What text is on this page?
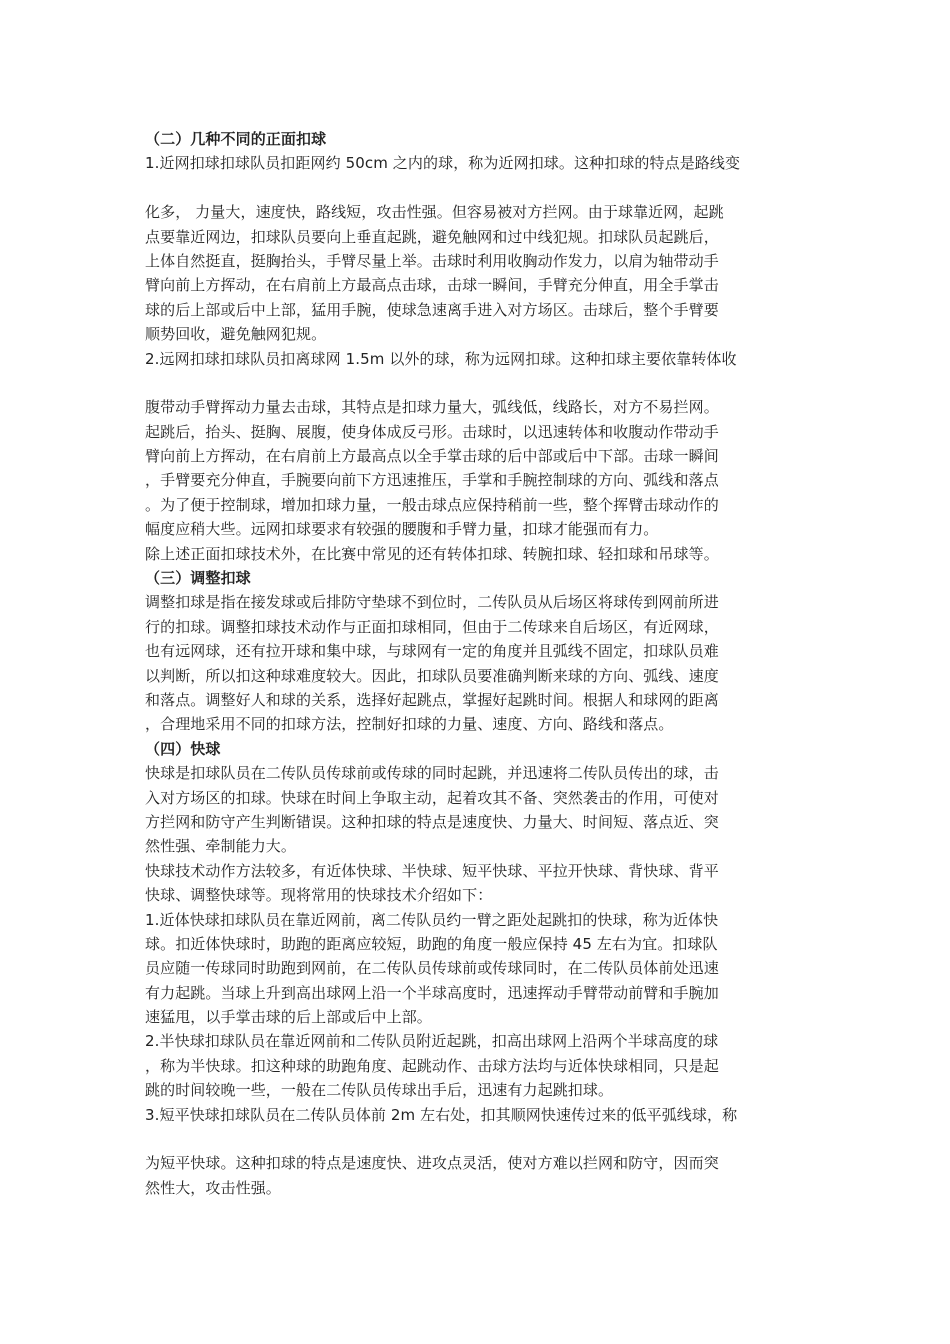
（二）几种不同的正面扣球
1.近网扣球扣球队员扣距网约 50cm 之内的球，称为近网扣球。这种扣球的特点是路线变
化多， 力量大，速度快，路线短，攻击性强。但容易被对方拦网。由于球靠近网，起跳
点要靠近网边，扣球队员要向上垂直起跳，避免触网和过中线犯规。扣球队员起跳后，
上体自然挺直，挺胸抬头，手臂尽量上举。击球时利用收胸动作发力，以肩为轴带动手
臂向前上方挥动，在右肩前上方最高点击球，击球一瞬间，手臂充分伸直，用全手掌击
球的后上部或后中上部，猛用手腕，使球急速离手进入对方场区。击球后，整个手臂要
顺势回收，避免触网犯规。
2.远网扣球扣球队员扣离球网 1.5m 以外的球，称为远网扣球。这种扣球主要依靠转体收
腹带动手臂挥动力量去击球，其特点是扣球力量大，弧线低，线路长，对方不易拦网。
起跳后，抬头、挺胸、展腹，使身体成反弓形。击球时，以迅速转体和收腹动作带动手
臂向前上方挥动，在右肩前上方最高点以全手掌击球的后中部或后中下部。击球一瞬间
，手臂要充分伸直，手腕要向前下方迅速推压，手掌和手腕控制球的方向、弧线和落点
。为了便于控制球，增加扣球力量，一般击球点应保持稍前一些，整个挥臂击球动作的
幅度应稍大些。远网扣球要求有较强的腰腹和手臂力量，扣球才能强而有力。
除上述正面扣球技术外，在比赛中常见的还有转体扣球、转腕扣球、轻扣球和吊球等。
（三）调整扣球
调整扣球是指在接发球或后排防守垫球不到位时，二传队员从后场区将球传到网前所进
行的扣球。调整扣球技术动作与正面扣球相同，但由于二传球来自后场区，有近网球，
也有远网球，还有拉开球和集中球，与球网有一定的角度并且弧线不固定，扣球队员难
以判断，所以扣这种球难度较大。因此，扣球队员要准确判断来球的方向、弧线、速度
和落点。调整好人和球的关系，选择好起跳点，掌握好起跳时间。根据人和球网的距离
，合理地采用不同的扣球方法，控制好扣球的力量、速度、方向、路线和落点。
（四）快球
快球是扣球队员在二传队员传球前或传球的同时起跳，并迅速将二传队员传出的球，击
入对方场区的扣球。快球在时间上争取主动，起着攻其不备、突然袭击的作用，可使对
方拦网和防守产生判断错误。这种扣球的特点是速度快、力量大、时间短、落点近、突
然性强、牵制能力大。
快球技术动作方法较多，有近体快球、半快球、短平快球、平拉开快球、背快球、背平
快球、调整快球等。现将常用的快球技术介绍如下：
1.近体快球扣球队员在靠近网前，离二传队员约一臂之距处起跳扣的快球，称为近体快
球。扣近体快球时，助跑的距离应较短，助跑的角度一般应保持 45 左右为宜。扣球队
员应随一传球同时助跑到网前，在二传队员传球前或传球同时，在二传队员体前处迅速
有力起跳。当球上升到高出球网上沿一个半球高度时，迅速挥动手臂带动前臂和手腕加
速猛甩，以手掌击球的后上部或后中上部。
2.半快球扣球队员在靠近网前和二传队员附近起跳，扣高出球网上沿两个半球高度的球
，称为半快球。扣这种球的助跑角度、起跳动作、击球方法均与近体快球相同，只是起
跳的时间较晚一些，一般在二传队员传球出手后，迅速有力起跳扣球。
3.短平快球扣球队员在二传队员体前 2m 左右处，扣其顺网快速传过来的低平弧线球，称
为短平快球。这种扣球的特点是速度快、进攻点灵活，使对方难以拦网和防守，因而突
然性大，攻击性强。
